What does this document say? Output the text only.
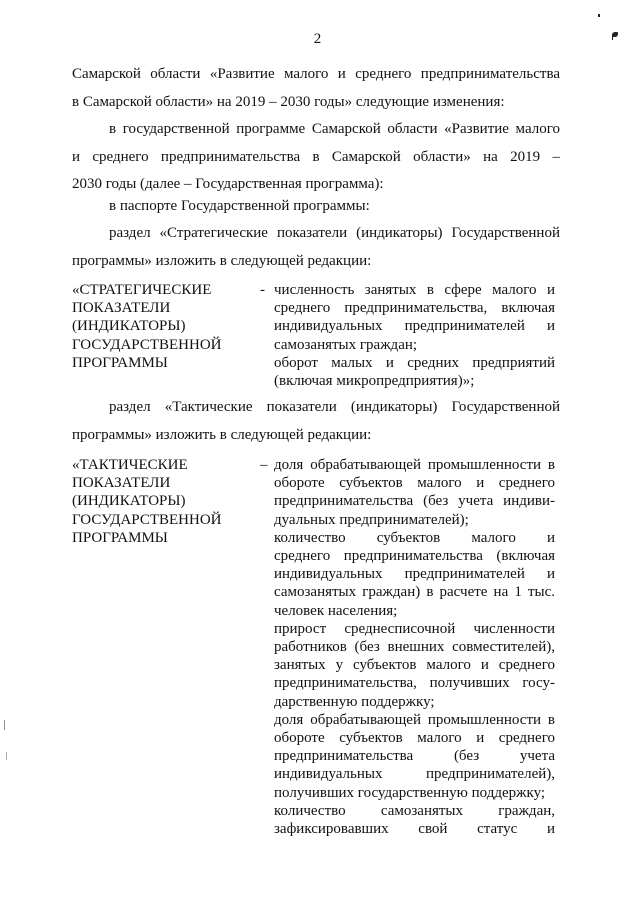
2

Самарской области «Развитие малого и среднего предпринимательства
в Самарской области» на 2019 – 2030 годы» следующие изменения:

в государственной программе Самарской области «Развитие малого
и среднего предпринимательства в Самарской области» на 2019 –
2030 годы (далее – Государственная программа):

в паспорте Государственной программы:

раздел «Стратегические показатели (индикаторы) Государственной
программы» изложить в следующей редакции:

«СТРАТЕГИЧЕСКИЕ
ПОКАЗАТЕЛИ
(ИНДИКАТОРЫ)
ГОСУДАРСТВЕННОЙ
ПРОГРАММЫ
- численность занятых в сфере малого и
среднего предпринимательства, включая
индивидуальных предпринимателей и
самозанятых граждан;
оборот малых и средних предприятий
(включая микропредприятия)»;

раздел «Тактические показатели (индикаторы) Государственной
программы» изложить в следующей редакции:

«ТАКТИЧЕСКИЕ
ПОКАЗАТЕЛИ
(ИНДИКАТОРЫ)
ГОСУДАРСТВЕННОЙ
ПРОГРАММЫ
– доля обрабатывающей промышленности в
обороте субъектов малого и среднего
предпринимательства (без учета индиви-
дуальных предпринимателей);
количество субъектов малого и
среднего предпринимательства (включая
индивидуальных предпринимателей и
самозанятых граждан) в расчете на 1 тыс.
человек населения;
прирост среднесписочной численности
работников (без внешних совместителей),
занятых у субъектов малого и среднего
предпринимательства, получивших госу-
дарственную поддержку;
доля обрабатывающей промышленности в
обороте субъектов малого и среднего
предпринимательства (без учета
индивидуальных предпринимателей),
получивших государственную поддержку;
количество самозанятых граждан,
зафиксировавших свой статус и
